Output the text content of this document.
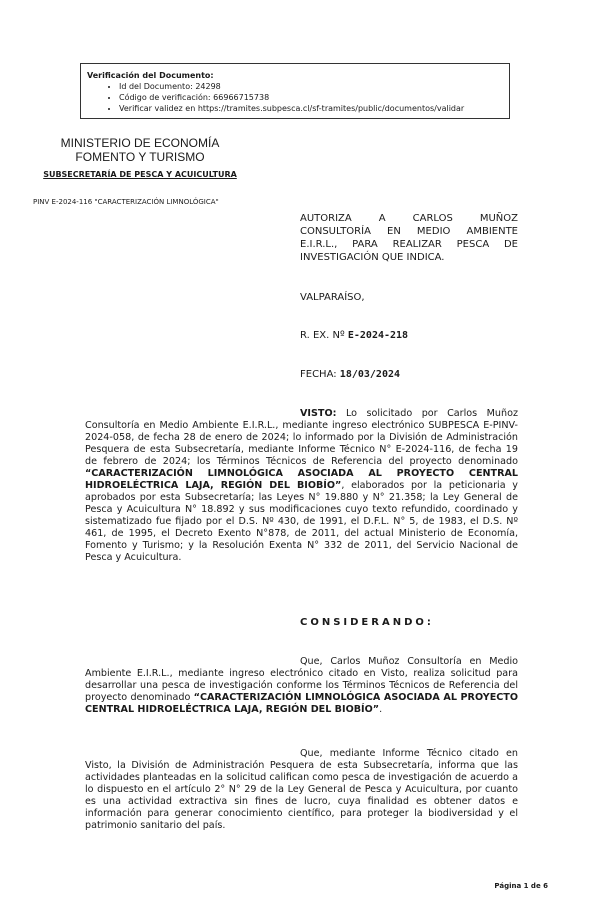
Verificación del Documento:
• Id del Documento: 24298
• Código de verificación: 66966715738
• Verificar validez en https://tramites.subpesca.cl/sf-tramites/public/documentos/validar
MINISTERIO DE ECONOMÍA
FOMENTO Y TURISMO
SUBSECRETARÍA DE PESCA Y ACUICULTURA
PINV E-2024-116 "CARACTERIZACIÓN LIMNOLÓGICA"
AUTORIZA A CARLOS MUÑOZ CONSULTORÍA EN MEDIO AMBIENTE E.I.R.L., PARA REALIZAR PESCA DE INVESTIGACIÓN QUE INDICA.
VALPARAÍSO,
R. EX. Nº E-2024-218
FECHA: 18/03/2024

VISTO: Lo solicitado por Carlos Muñoz Consultoría en Medio Ambiente E.I.R.L., mediante ingreso electrónico SUBPESCA E-PINV-2024-058, de fecha 28 de enero de 2024; lo informado por la División de Administración Pesquera de esta Subsecretaría, mediante Informe Técnico N° E-2024-116, de fecha 19 de febrero de 2024; los Términos Técnicos de Referencia del proyecto denominado “CARACTERIZACIÓN LIMNOLÓGICA ASOCIADA AL PROYECTO CENTRAL HIDROELÉCTRICA LAJA, REGIÓN DEL BIOBÍO”, elaborados por la peticionaria y aprobados por esta Subsecretaría; las Leyes N° 19.880 y N° 21.358; la Ley General de Pesca y Acuicultura N° 18.892 y sus modificaciones cuyo texto refundido, coordinado y sistematizado fue fijado por el D.S. Nº 430, de 1991, el D.F.L. N° 5, de 1983, el D.S. Nº 461, de 1995, el Decreto Exento N°878, de 2011, del actual Ministerio de Economía, Fomento y Turismo; y la Resolución Exenta N° 332 de 2011, del Servicio Nacional de Pesca y Acuicultura.

CONSIDERANDO:

Que, Carlos Muñoz Consultoría en Medio Ambiente E.I.R.L., mediante ingreso electrónico citado en Visto, realiza solicitud para desarrollar una pesca de investigación conforme los Términos Técnicos de Referencia del proyecto denominado “CARACTERIZACIÓN LIMNOLÓGICA ASOCIADA AL PROYECTO CENTRAL HIDROELÉCTRICA LAJA, REGIÓN DEL BIOBÍO”.

Que, mediante Informe Técnico citado en Visto, la División de Administración Pesquera de esta Subsecretaría, informa que las actividades planteadas en la solicitud califican como pesca de investigación de acuerdo a lo dispuesto en el artículo 2° N° 29 de la Ley General de Pesca y Acuicultura, por cuanto es una actividad extractiva sin fines de lucro, cuya finalidad es obtener datos e información para generar conocimiento científico, para proteger la biodiversidad y el patrimonio sanitario del país.

Página 1 de 6
